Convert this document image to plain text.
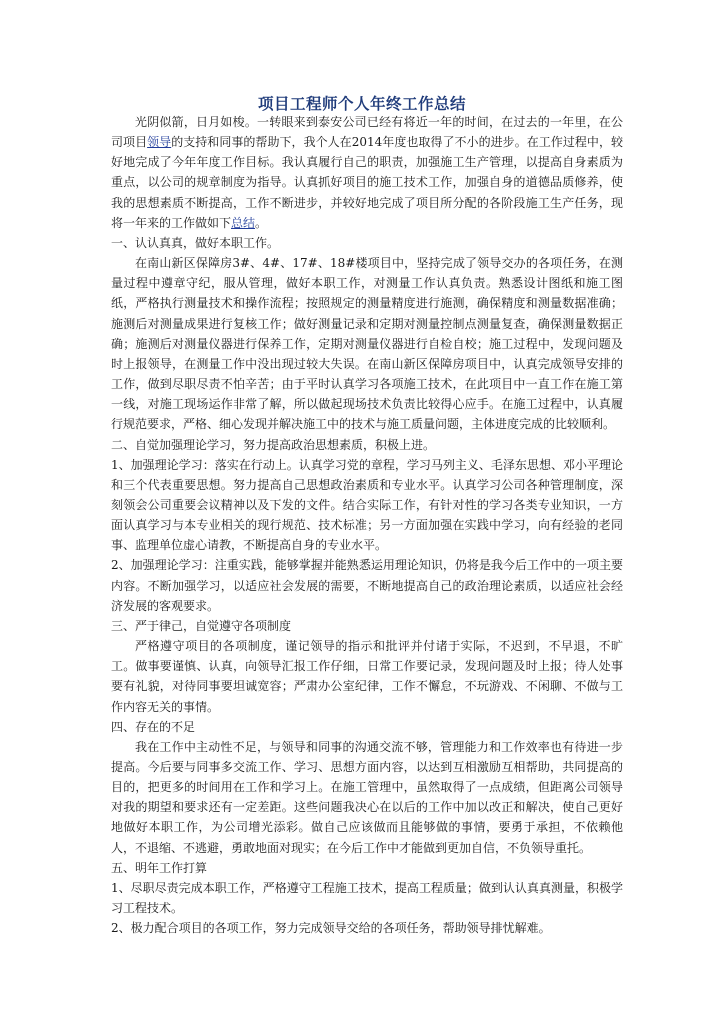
项目工程师个人年终工作总结

光阴似箭，日月如梭。一转眼来到泰安公司已经有将近一年的时间，在过去的一年里，在公司项目领导的支持和同事的帮助下，我个人在2014年度也取得了不小的进步。在工作过程中，较好地完成了今年年度工作目标。我认真履行自己的职责，加强施工生产管理，以提高自身素质为重点，以公司的规章制度为指导。认真抓好项目的施工技术工作，加强自身的道德品质修养，使我的思想素质不断提高，工作不断进步，并较好地完成了项目所分配的各阶段施工生产任务，现将一年来的工作做如下总结。

一、认认真真，做好本职工作。

在南山新区保障房3#、4#、17#、18#楼项目中，坚持完成了领导交办的各项任务，在测量过程中遵章守纪，服从管理，做好本职工作，对测量工作认真负责。熟悉设计图纸和施工图纸，严格执行测量技术和操作流程；按照规定的测量精度进行施测，确保精度和测量数据准确；施测后对测量成果进行复核工作；做好测量记录和定期对测量控制点测量复查，确保测量数据正确；施测后对测量仪器进行保养工作，定期对测量仪器进行自检自校；施工过程中，发现问题及时上报领导，在测量工作中没出现过较大失误。在南山新区保障房项目中，认真完成领导安排的工作，做到尽职尽责不怕辛苦；由于平时认真学习各项施工技术，在此项目中一直工作在施工第一线，对施工现场运作非常了解，所以做起现场技术负责比较得心应手。在施工过程中，认真履行规范要求，严格、细心发现并解决施工中的技术与施工质量问题，主体进度完成的比较顺利。

二、自觉加强理论学习，努力提高政治思想素质，积极上进。

1、加强理论学习：落实在行动上。认真学习党的章程，学习马列主义、毛泽东思想、邓小平理论和三个代表重要思想。努力提高自己思想政治素质和专业水平。认真学习公司各种管理制度，深刻领会公司重要会议精神以及下发的文件。结合实际工作，有针对性的学习各类专业知识，一方面认真学习与本专业相关的现行规范、技术标准；另一方面加强在实践中学习，向有经验的老同事、监理单位虚心请教，不断提高自身的专业水平。

2、加强理论学习：注重实践，能够掌握并能熟悉运用理论知识，仍将是我今后工作中的一项主要内容。不断加强学习，以适应社会发展的需要，不断地提高自己的政治理论素质，以适应社会经济发展的客观要求。

三、严于律己，自觉遵守各项制度

严格遵守项目的各项制度，谨记领导的指示和批评并付诸于实际，不迟到，不早退，不旷工。做事要谨慎、认真，向领导汇报工作仔细，日常工作要记录，发现问题及时上报；待人处事要有礼貌，对待同事要坦诚宽容；严肃办公室纪律，工作不懈怠，不玩游戏、不闲聊、不做与工作内容无关的事情。

四、存在的不足

我在工作中主动性不足，与领导和同事的沟通交流不够，管理能力和工作效率也有待进一步提高。今后要与同事多交流工作、学习、思想方面内容，以达到互相激励互相帮助，共同提高的目的，把更多的时间用在工作和学习上。在施工管理中，虽然取得了一点成绩，但距离公司领导对我的期望和要求还有一定差距。这些问题我决心在以后的工作中加以改正和解决，使自己更好地做好本职工作，为公司增光添彩。做自己应该做而且能够做的事情，要勇于承担，不依赖他人，不退缩、不逃避，勇敢地面对现实；在今后工作中才能做到更加自信，不负领导重托。

五、明年工作打算

1、尽职尽责完成本职工作，严格遵守工程施工技术，提高工程质量；做到认认真真测量，积极学习工程技术。

2、极力配合项目的各项工作，努力完成领导交给的各项任务，帮助领导排忧解难。
